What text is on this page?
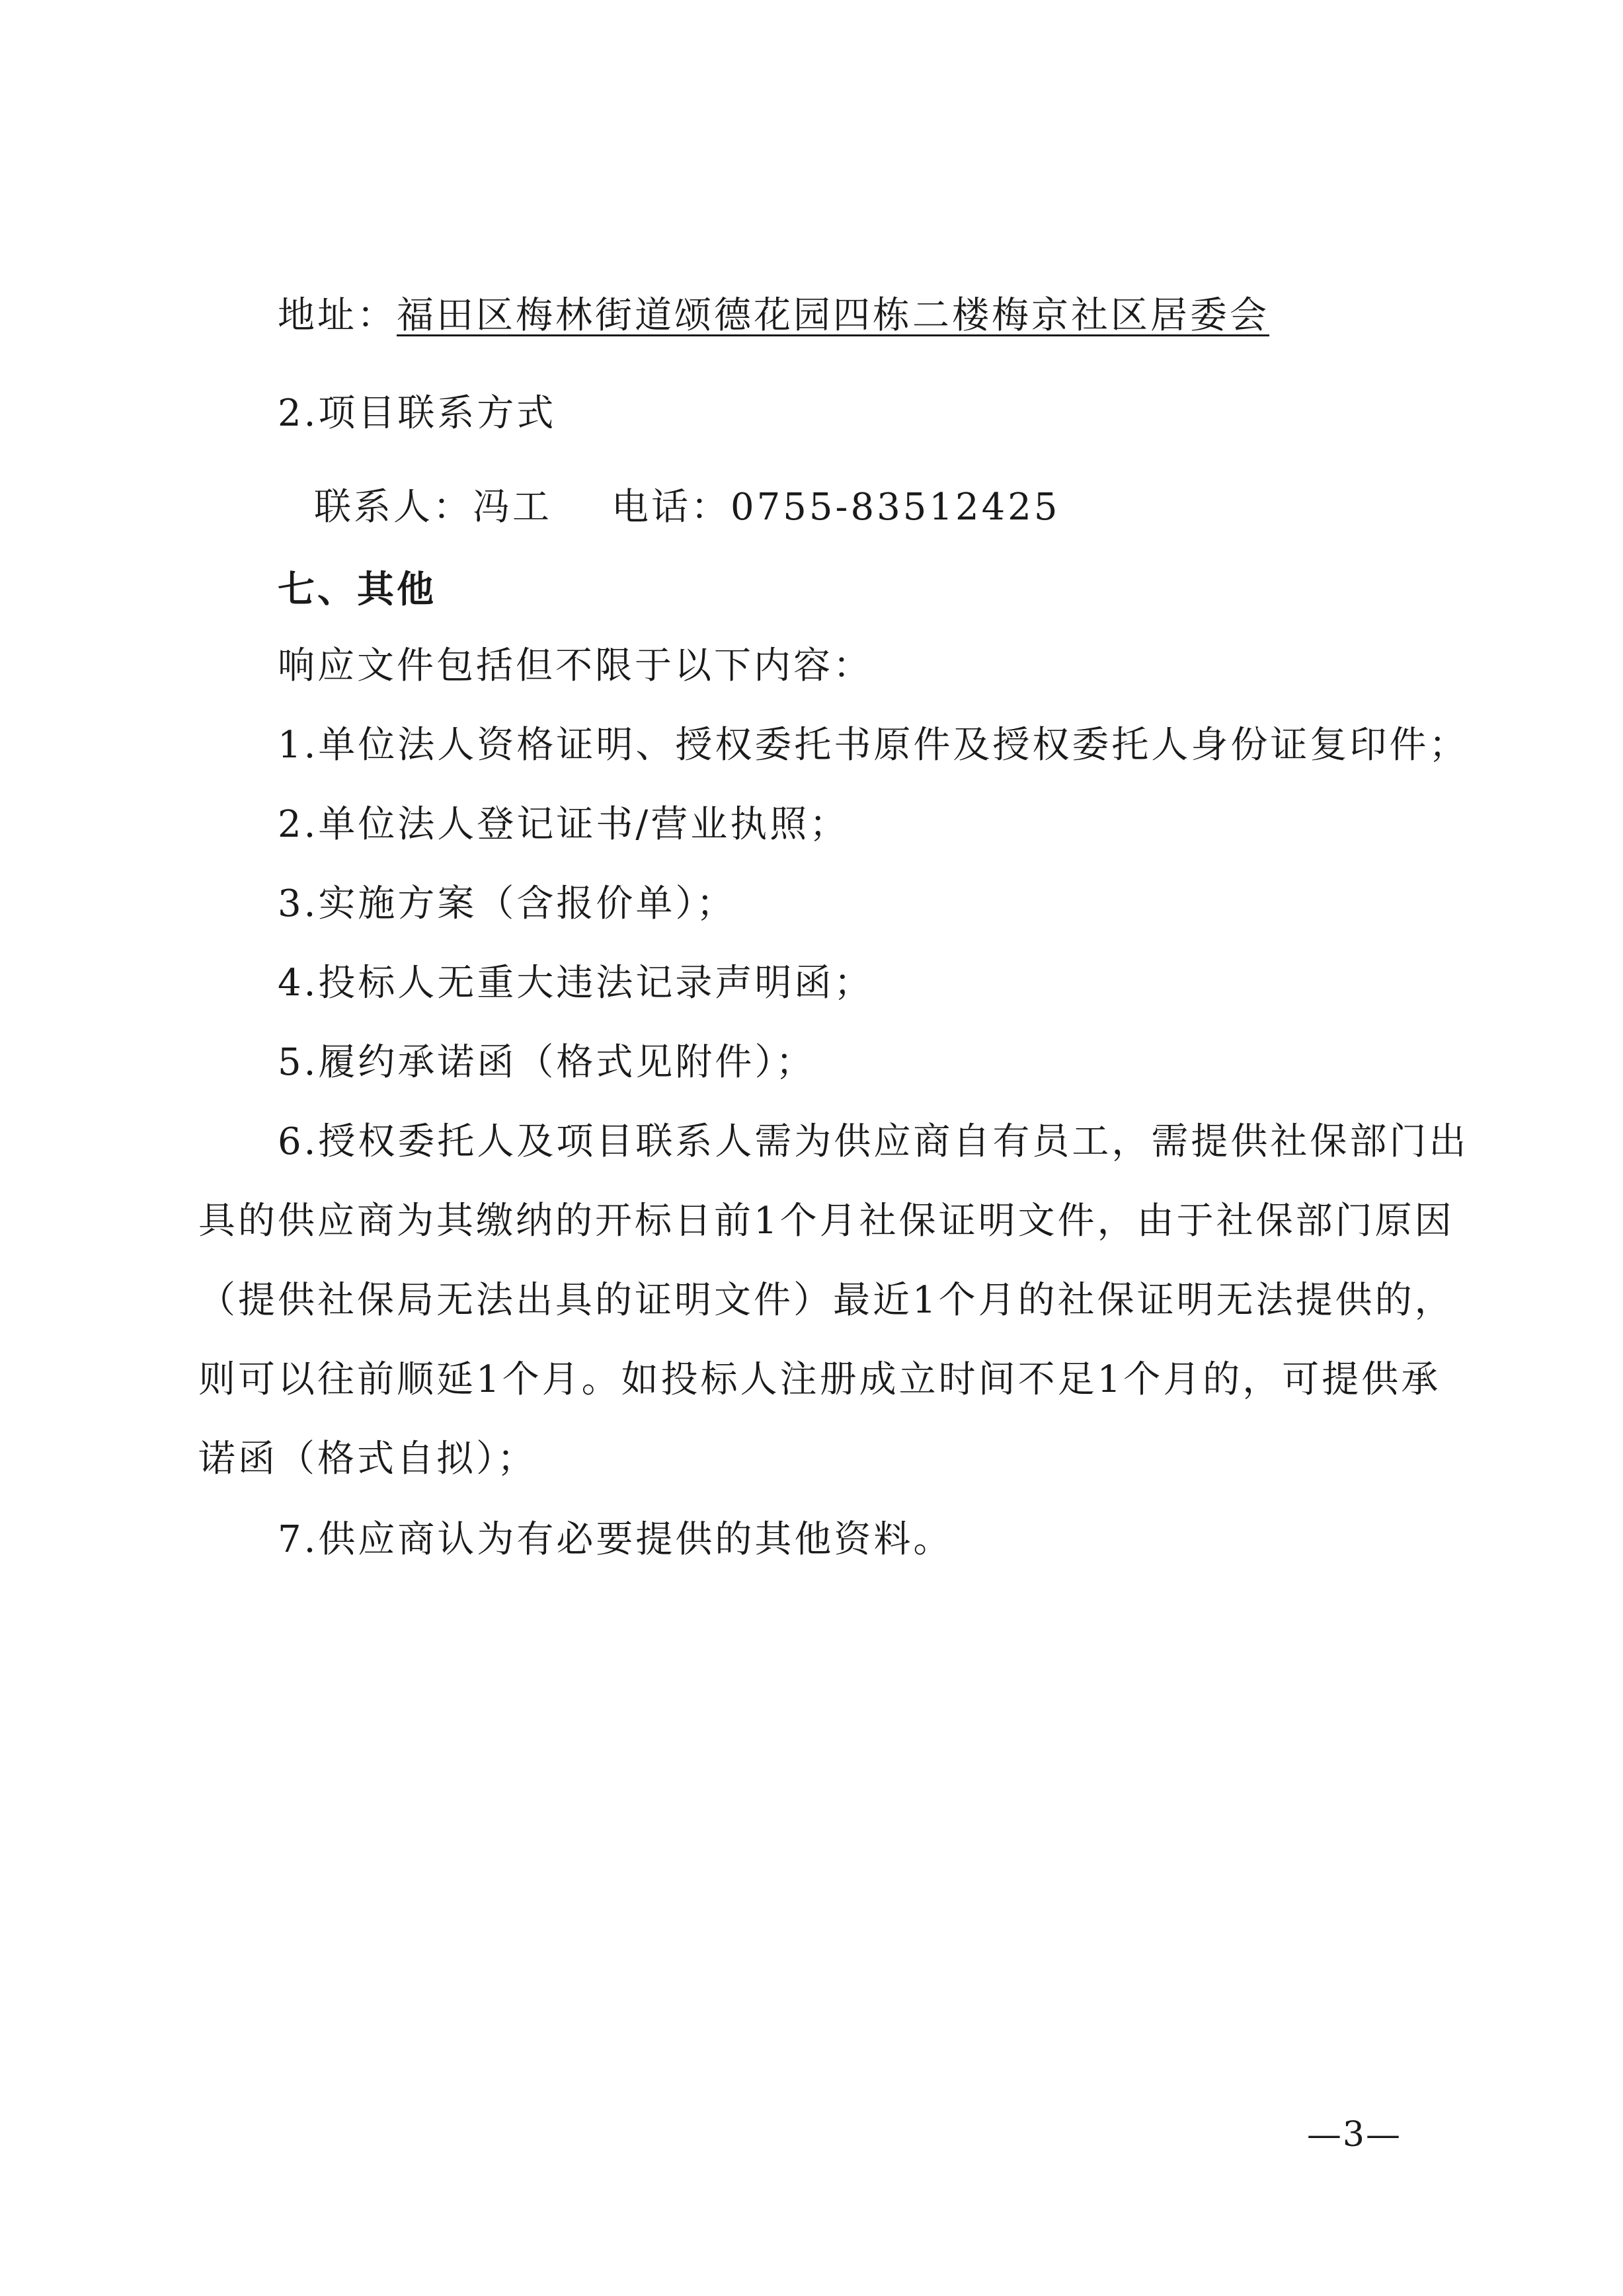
地址：福田区梅林街道颂德花园四栋二楼梅京社区居委会
2.项目联系方式
联系人：冯工 电话：0755-83512425
七、其他
响应文件包括但不限于以下内容：
1.单位法人资格证明、授权委托书原件及授权委托人身份证复印件；
2.单位法人登记证书/营业执照；
3.实施方案（含报价单）；
4.投标人无重大违法记录声明函；
5.履约承诺函（格式见附件）；
6.授权委托人及项目联系人需为供应商自有员工，需提供社保部门出
具的供应商为其缴纳的开标日前1个月社保证明文件，由于社保部门原因
（提供社保局无法出具的证明文件）最近1个月的社保证明无法提供的，
则可以往前顺延1个月。如投标人注册成立时间不足1个月的，可提供承
诺函（格式自拟）；
7.供应商认为有必要提供的其他资料。
—3—
